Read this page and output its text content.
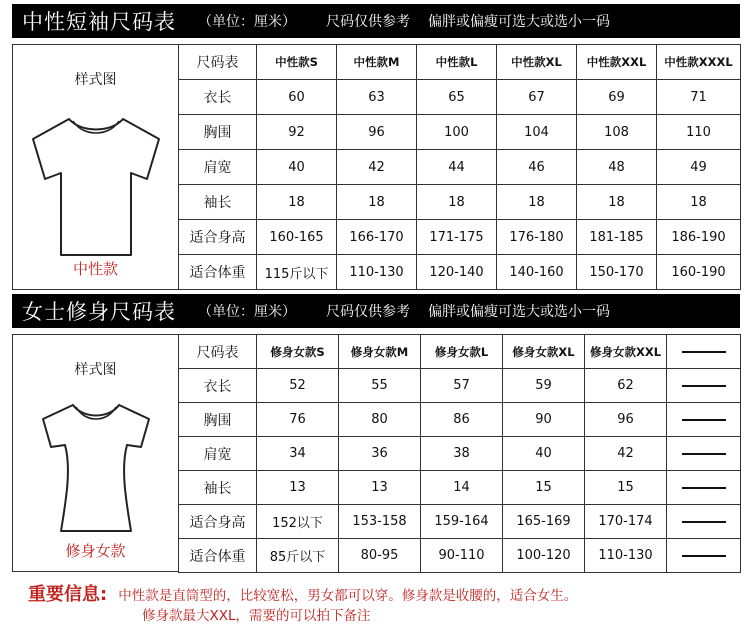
中性短袖尺码表 （单位：厘米） 尺码仅供参考 偏胖或偏瘦可选大或选小一码
样式图
中性款
尺码表	中性款S	中性款M	中性款L	中性款XL	中性款XXL	中性款XXXL
衣长	60	63	65	67	69	71
胸围	92	96	100	104	108	110
肩宽	40	42	44	46	48	49
袖长	18	18	18	18	18	18
适合身高	160-165	166-170	171-175	176-180	181-185	186-190
适合体重	115斤以下	110-130	120-140	140-160	150-170	160-190
女士修身尺码表 （单位：厘米） 尺码仅供参考 偏胖或偏瘦可选大或选小一码
样式图
修身女款
尺码表	修身女款S	修身女款M	修身女款L	修身女款XL	修身女款XXL	
衣长	52	55	57	59	62	
胸围	76	80	86	90	96	
肩宽	34	36	38	40	42	
袖长	13	13	14	15	15	
适合身高	152以下	153-158	159-164	165-169	170-174	
适合体重	85斤以下	80-95	90-110	100-120	110-130	
重要信息: 中性款是直筒型的，比较宽松，男女都可以穿。修身款是收腰的，适合女生。
修身款最大XXL，需要的可以拍下备注
